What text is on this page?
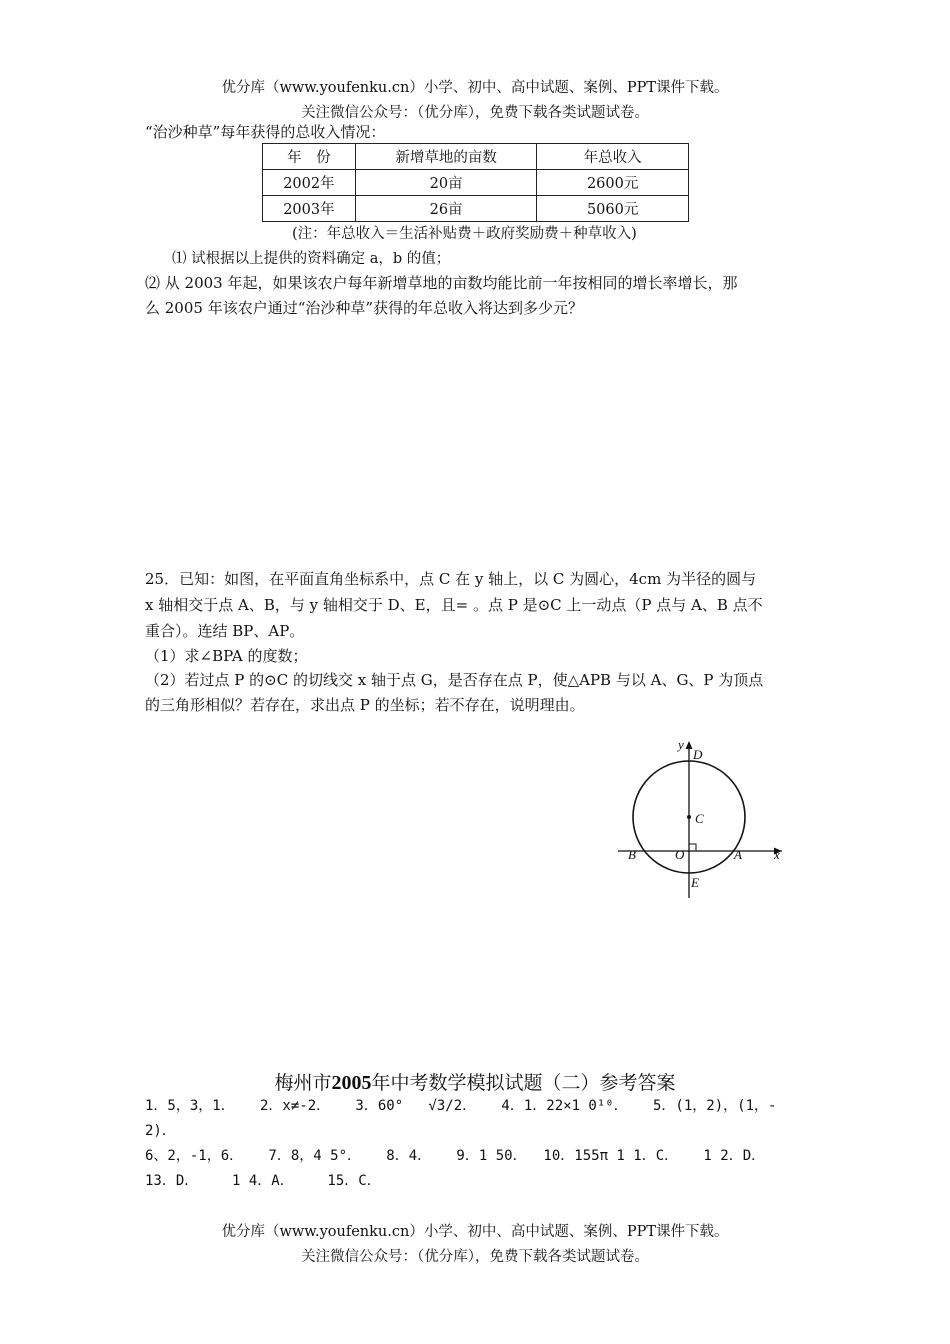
优分库（www.youfenku.cn）小学、初中、高中试题、案例、PPT课件下载。
关注微信公众号：（优分库），免费下载各类试题试卷。
“治沙种草”每年获得的总收入情况：
年　份	新增草地的亩数	年总收入
2002年	20亩	2600元
2003年	26亩	5060元
(注：年总收入＝生活补贴费＋政府奖励费＋种草收入)
⑴ 试根据以上提供的资料确定 a，b 的值；
⑵ 从 2003 年起，如果该农户每年新增草地的亩数均能比前一年按相同的增长率增长，那
么 2005 年该农户通过“治沙种草”获得的年总收入将达到多少元？
25．已知：如图，在平面直角坐标系中，点 C 在 y 轴上，以 C 为圆心，4cm 为半径的圆与
x 轴相交于点 A、B，与 y 轴相交于 D、E，且= 。点 P 是⊙C 上一动点（P 点与 A、B 点不
重合）。连结 BP、AP。
（1）求∠BPA 的度数；
（2）若过点 P 的⊙C 的切线交 x 轴于点 G，是否存在点 P，使△APB 与以 A、G、P 为顶点
的三角形相似？若存在，求出点 P 的坐标；若不存在，说明理由。
y
D
C
B	O	A x
E
梅州市2005年中考数学模拟试题（二）参考答案
1．5，3，1．   2．x≠-2．   3．60°   √3/2．   4．1．22×1 0¹⁰．   5．(1，2)，(1，-
2)．
6、2，-1，6．   7．8，4 5°．   8．4．   9．1 50．  10．155π 1 1．C．   1 2．D．
13．D．    1 4．A．    15．C．
优分库（www.youfenku.cn）小学、初中、高中试题、案例、PPT课件下载。
关注微信公众号：（优分库），免费下载各类试题试卷。
